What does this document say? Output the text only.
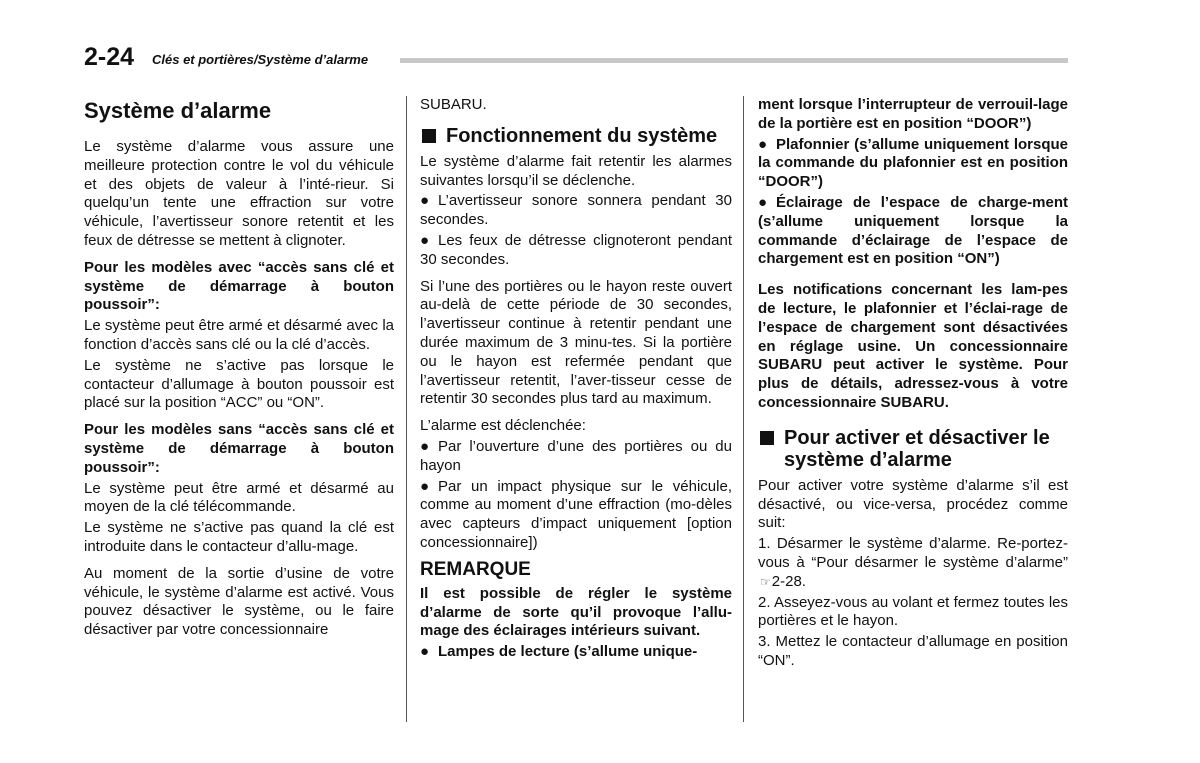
2-24 Clés et portières/Système d’alarme
Système d’alarme

Le système d’alarme vous assure une meilleure protection contre le vol du véhicule et des objets de valeur à l’inté-rieur. Si quelqu’un tente une effraction sur votre véhicule, l’avertisseur sonore retentit et les feux de détresse se mettent à clignoter.

Pour les modèles avec “accès sans clé et système de démarrage à bouton poussoir”:

Le système peut être armé et désarmé avec la fonction d’accès sans clé ou la clé d’accès.

Le système ne s’active pas lorsque le contacteur d’allumage à bouton poussoir est placé sur la position “ACC” ou “ON”.

Pour les modèles sans “accès sans clé et système de démarrage à bouton poussoir”:

Le système peut être armé et désarmé au moyen de la clé télécommande.

Le système ne s’active pas quand la clé est introduite dans le contacteur d’allu-mage.

Au moment de la sortie d’usine de votre véhicule, le système d’alarme est activé. Vous pouvez désactiver le système, ou le faire désactiver par votre concessionnaire

SUBARU.

Fonctionnement du système

Le système d’alarme fait retentir les alarmes suivantes lorsqu’il se déclenche.

● L’avertisseur sonore sonnera pendant 30 secondes.

● Les feux de détresse clignoteront pendant 30 secondes.

Si l’une des portières ou le hayon reste ouvert au-delà de cette période de 30 secondes, l’avertisseur continue à retentir pendant une durée maximum de 3 minu-tes. Si la portière ou le hayon est refermée pendant que l’avertisseur retentit, l’aver-tisseur cesse de retentir 30 secondes plus tard au maximum.

L’alarme est déclenchée:

● Par l’ouverture d’une des portières ou du hayon

● Par un impact physique sur le véhicule, comme au moment d’une effraction (mo-dèles avec capteurs d’impact uniquement [option concessionnaire])

REMARQUE

Il est possible de régler le système d’alarme de sorte qu’il provoque l’allu-mage des éclairages intérieurs suivant.

● Lampes de lecture (s’allume unique-

ment lorsque l’interrupteur de verrouil-lage de la portière est en position “DOOR”)

● Plafonnier (s’allume uniquement lorsque la commande du plafonnier est en position “DOOR”)

● Éclairage de l’espace de charge-ment (s’allume uniquement lorsque la commande d’éclairage de l’espace de chargement est en position “ON”)

Les notifications concernant les lam-pes de lecture, le plafonnier et l’éclai-rage de l’espace de chargement sont désactivées en réglage usine. Un concessionnaire SUBARU peut activer le système. Pour plus de détails, adressez-vous à votre concessionnaire SUBARU.

Pour activer et désactiver le système d’alarme

Pour activer votre système d’alarme s’il est désactivé, ou vice-versa, procédez comme suit:

1. Désarmer le système d’alarme. Re-portez-vous à “Pour désarmer le système d’alarme” ☞2-28.

2. Asseyez-vous au volant et fermez toutes les portières et le hayon.

3. Mettez le contacteur d’allumage en position “ON”.
